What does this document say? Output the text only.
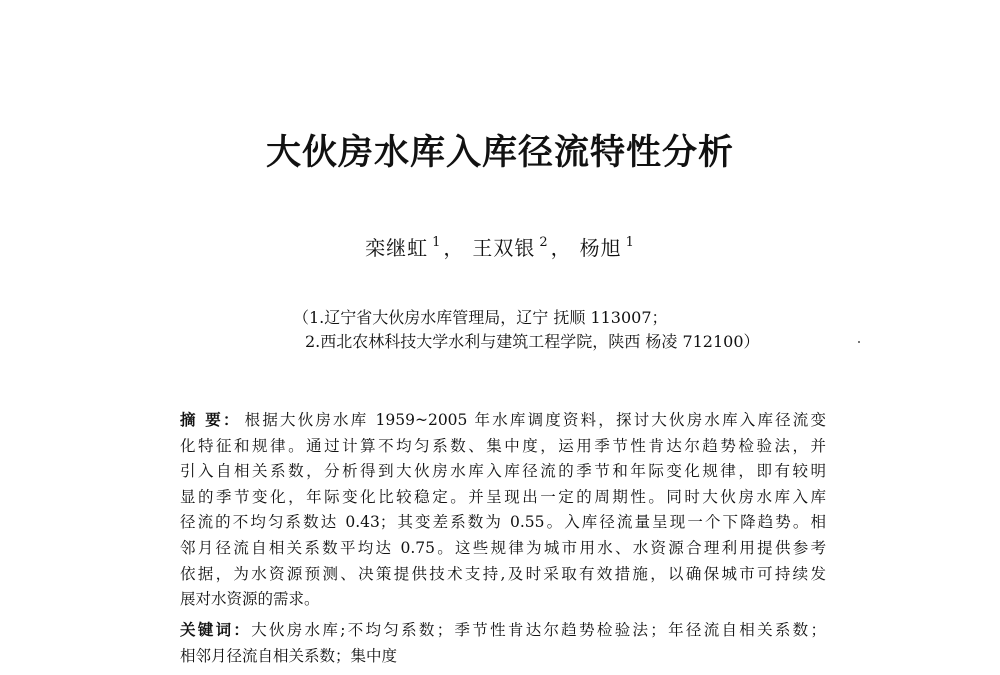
大伙房水库入库径流特性分析
栾继虹 $^1$ ， 王双银 $^2$ ， 杨旭 $^1$
（1.辽宁省大伙房水库管理局，辽宁 抚顺 113007；
2.西北农林科技大学水利与建筑工程学院，陕西 杨凌 712100）

摘 要： 根据大伙房水库 1959~2005 年水库调度资料，探讨大伙房水库入库径流变

化特征和规律。通过计算不均匀系数、集中度，运用季节性肯达尔趋势检验法，并

引入自相关系数，分析得到大伙房水库入库径流的季节和年际变化规律，即有较明

显的季节变化，年际变化比较稳定。并呈现出一定的周期性。同时大伙房水库入库

径流的不均匀系数达 0.43；其变差系数为 0.55。入库径流量呈现一个下降趋势。相

邻月径流自相关系数平均达 0.75。这些规律为城市用水、水资源合理利用提供参考

依据，为水资源预测、决策提供技术支持,及时采取有效措施，以确保城市可持续发

展对水资源的需求。

关键词：大伙房水库;不均匀系数；季节性肯达尔趋势检验法；年径流自相关系数；
相邻月径流自相关系数；集中度
